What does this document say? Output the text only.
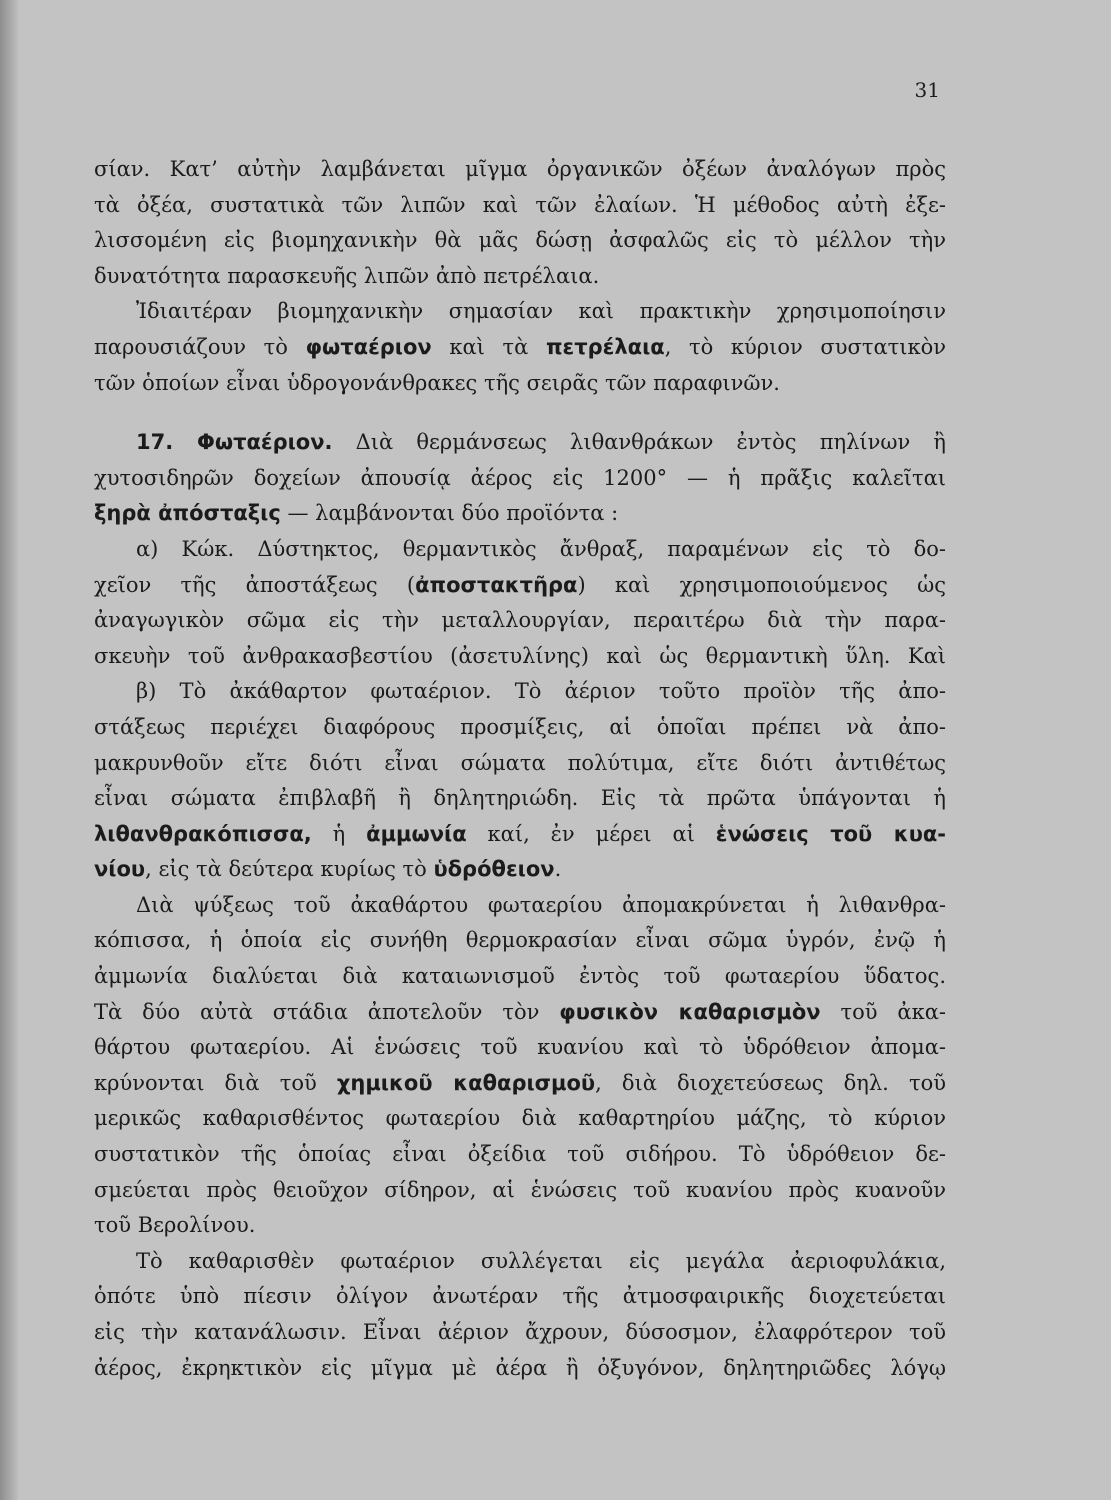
31
σίαν. Κατ’ αὐτὴν λαμβάνεται μῖγμα ὀργανικῶν ὀξέων ἀναλόγων πρὸς
τὰ ὀξέα, συστατικὰ τῶν λιπῶν καὶ τῶν ἐλαίων. Ἡ μέθοδος αὐτὴ ἐξε-
λισσομένη εἰς βιομηχανικὴν θὰ μᾶς δώσῃ ἀσφαλῶς εἰς τὸ μέλλον τὴν
δυνατότητα παρασκευῆς λιπῶν ἀπὸ πετρέλαια.
Ἰδιαιτέραν βιομηχανικὴν σημασίαν καὶ πρακτικὴν χρησιμοποίησιν
παρουσιάζουν τὸ φωταέριον καὶ τὰ πετρέλαια, τὸ κύριον συστατικὸν
τῶν ὁποίων εἶναι ὑδρογονάνθρακες τῆς σειρᾶς τῶν παραφινῶν.
17. Φωταέριον. Διὰ θερμάνσεως λιθανθράκων ἐντὸς πηλίνων ἢ
χυτοσιδηρῶν δοχείων ἀπουσίᾳ ἀέρος εἰς 1200° — ἡ πρᾶξις καλεῖται
ξηρὰ ἀπόσταξις — λαμβάνονται δύο προϊόντα :
α) Κώκ. Δύστηκτος, θερμαντικὸς ἄνθραξ, παραμένων εἰς τὸ δο-
χεῖον τῆς ἀποστάξεως (ἀποστακτῆρα) καὶ χρησιμοποιούμενος ὡς
ἀναγωγικὸν σῶμα εἰς τὴν μεταλλουργίαν, περαιτέρω διὰ τὴν παρα-
σκευὴν τοῦ ἀνθρακασβεστίου (ἀσετυλίνης) καὶ ὡς θερμαντικὴ ὕλη. Καὶ
β) Τὸ ἀκάθαρτον φωταέριον. Τὸ ἀέριον τοῦτο προϊὸν τῆς ἀπο-
στάξεως περιέχει διαφόρους προσμίξεις, αἱ ὁποῖαι πρέπει νὰ ἀπο-
μακρυνθοῦν εἴτε διότι εἶναι σώματα πολύτιμα, εἴτε διότι ἀντιθέτως
εἶναι σώματα ἐπιβλαβῆ ἢ δηλητηριώδη. Εἰς τὰ πρῶτα ὑπάγονται ἡ
λιθανθρακόπισσα, ἡ ἀμμωνία καί, ἐν μέρει αἱ ἑνώσεις τοῦ κυα-
νίου, εἰς τὰ δεύτερα κυρίως τὸ ὑδρόθειον.
Διὰ ψύξεως τοῦ ἀκαθάρτου φωταερίου ἀπομακρύνεται ἡ λιθανθρα-
κόπισσα, ἡ ὁποία εἰς συνήθη θερμοκρασίαν εἶναι σῶμα ὑγρόν, ἐνῷ ἡ
ἀμμωνία διαλύεται διὰ καταιωνισμοῦ ἐντὸς τοῦ φωταερίου ὕδατος.
Τὰ δύο αὐτὰ στάδια ἀποτελοῦν τὸν φυσικὸν καθαρισμὸν τοῦ ἀκα-
θάρτου φωταερίου. Αἱ ἑνώσεις τοῦ κυανίου καὶ τὸ ὑδρόθειον ἀπομα-
κρύνονται διὰ τοῦ χημικοῦ καθαρισμοῦ, διὰ διοχετεύσεως δηλ. τοῦ
μερικῶς καθαρισθέντος φωταερίου διὰ καθαρτηρίου μάζης, τὸ κύριον
συστατικὸν τῆς ὁποίας εἶναι ὀξείδια τοῦ σιδήρου. Τὸ ὑδρόθειον δε-
σμεύεται πρὸς θειοῦχον σίδηρον, αἱ ἑνώσεις τοῦ κυανίου πρὸς κυανοῦν
τοῦ Βερολίνου.
Τὸ καθαρισθὲν φωταέριον συλλέγεται εἰς μεγάλα ἀεριοφυλάκια,
ὁπότε ὑπὸ πίεσιν ὀλίγον ἀνωτέραν τῆς ἀτμοσφαιρικῆς διοχετεύεται
εἰς τὴν κατανάλωσιν. Εἶναι ἀέριον ἄχρουν, δύσοσμον, ἐλαφρότερον τοῦ
ἀέρος, ἐκρηκτικὸν εἰς μῖγμα μὲ ἀέρα ἢ ὀξυγόνον, δηλητηριῶδες λόγῳ
